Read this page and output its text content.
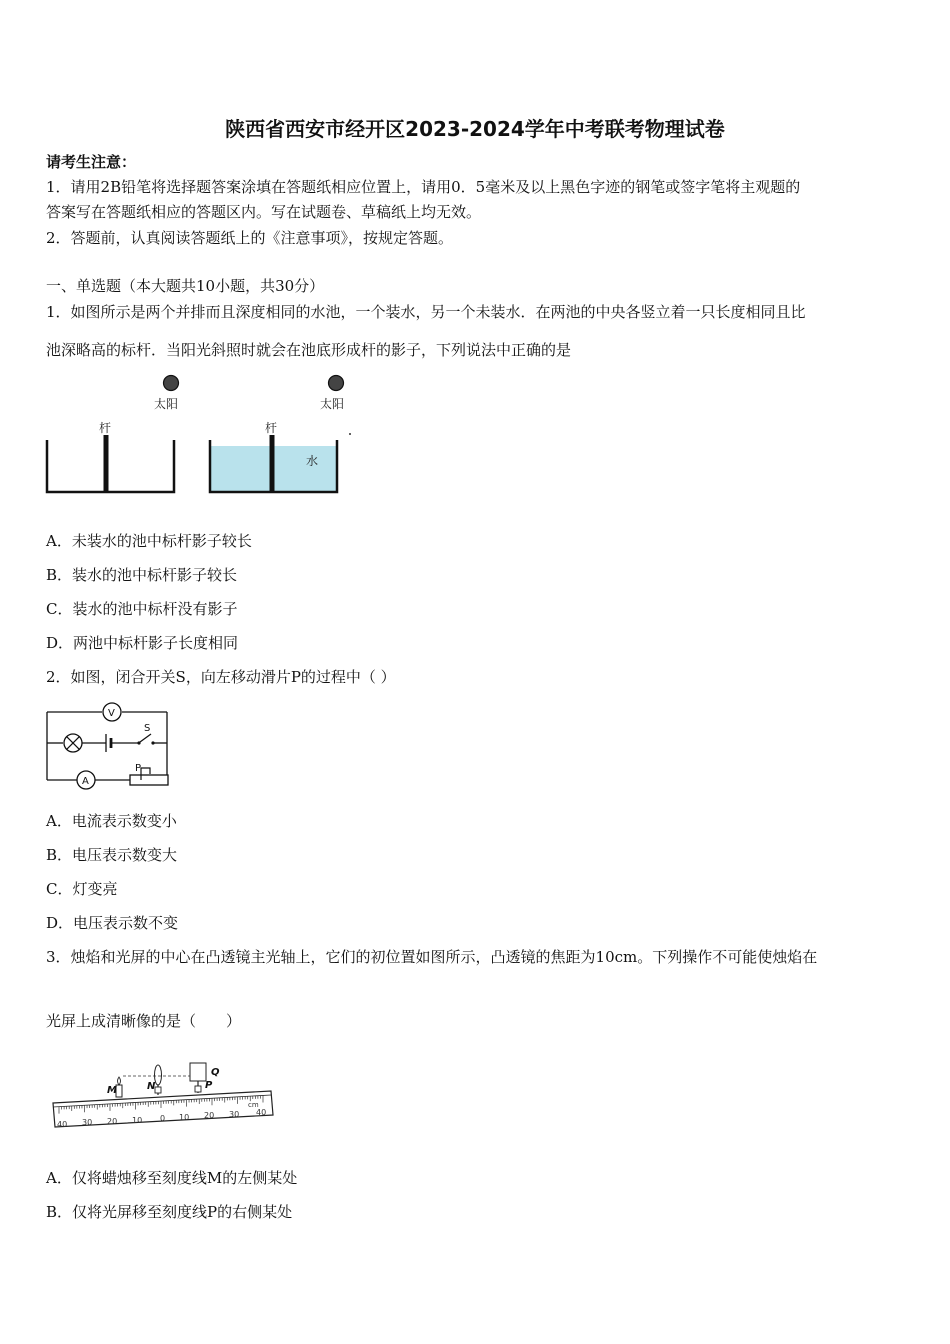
陕西省西安市经开区2023-2024学年中考联考物理试卷
请考生注意：
1．请用2B铅笔将选择题答案涂填在答题纸相应位置上，请用0．5毫米及以上黑色字迹的钢笔或签字笔将主观题的
答案写在答题纸相应的答题区内。写在试题卷、草稿纸上均无效。
2．答题前，认真阅读答题纸上的《注意事项》，按规定答题。
一、单选题（本大题共10小题，共30分）
1．如图所示是两个并排而且深度相同的水池，一个装水，另一个未装水．在两池的中央各竖立着一只长度相同且比
池深略高的标杆．当阳光斜照时就会在池底形成杆的影子，下列说法中正确的是
太阳	太阳
杆	杆
水
A．未装水的池中标杆影子较长
B．装水的池中标杆影子较长
C．装水的池中标杆没有影子
D．两池中标杆影子长度相同
2．如图，闭合开关S，向左移动滑片P的过程中（ ）
V
S
A
P
A．电流表示数变小
B．电压表示数变大
C．灯变亮
D．电压表示数不变
3．烛焰和光屏的中心在凸透镜主光轴上，它们的初位置如图所示，凸透镜的焦距为10cm。下列操作不可能使烛焰在
光屏上成清晰像的是（　　）
40 30 20 10 0 10 20 30 40
cm
M	N
Q
P
A．仅将蜡烛移至刻度线M的左侧某处
B．仅将光屏移至刻度线P的右侧某处
